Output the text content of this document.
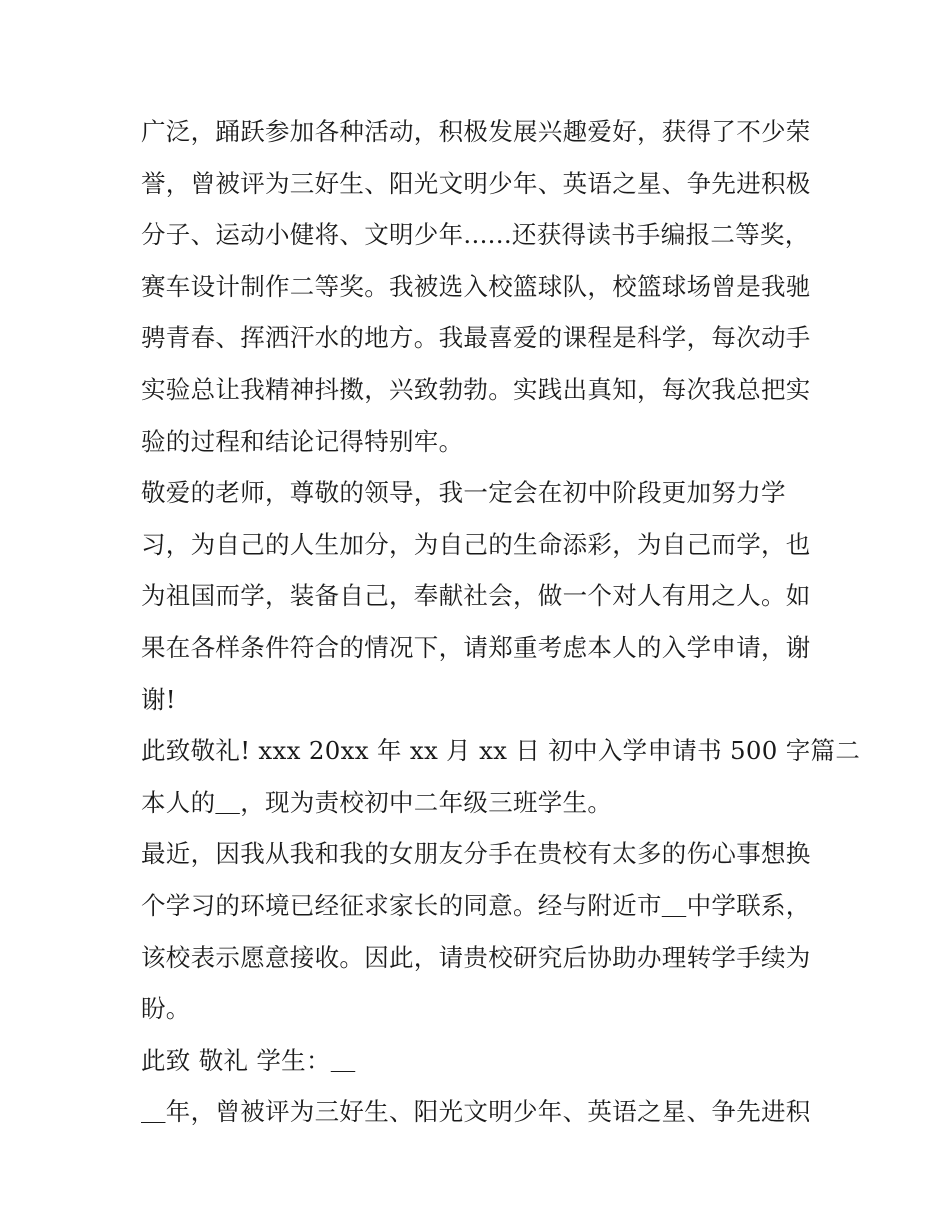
广泛，踊跃参加各种活动，积极发展兴趣爱好，获得了不少荣
誉，曾被评为三好生、阳光文明少年、英语之星、争先进积极
分子、运动小健将、文明少年......还获得读书手编报二等奖，
赛车设计制作二等奖。我被选入校篮球队，校篮球场曾是我驰
骋青春、挥洒汗水的地方。我最喜爱的课程是科学，每次动手
实验总让我精神抖擞，兴致勃勃。实践出真知，每次我总把实
验的过程和结论记得特别牢。
敬爱的老师，尊敬的领导，我一定会在初中阶段更加努力学
习，为自己的人生加分，为自己的生命添彩，为自己而学，也
为祖国而学，装备自己，奉献社会，做一个对人有用之人。如
果在各样条件符合的情况下，请郑重考虑本人的入学申请，谢
谢!
此致敬礼! xxx 20xx 年 xx 月 xx 日 初中入学申请书 500 字篇二
本人的＿，现为责校初中二年级三班学生。
最近，因我从我和我的女朋友分手在贵校有太多的伤心事想换
个学习的环境已经征求家长的同意。经与附近市＿中学联系，
该校表示愿意接收。因此，请贵校研究后协助办理转学手续为
盼。
此致 敬礼 学生：＿
＿年，曾被评为三好生、阳光文明少年、英语之星、争先进积
